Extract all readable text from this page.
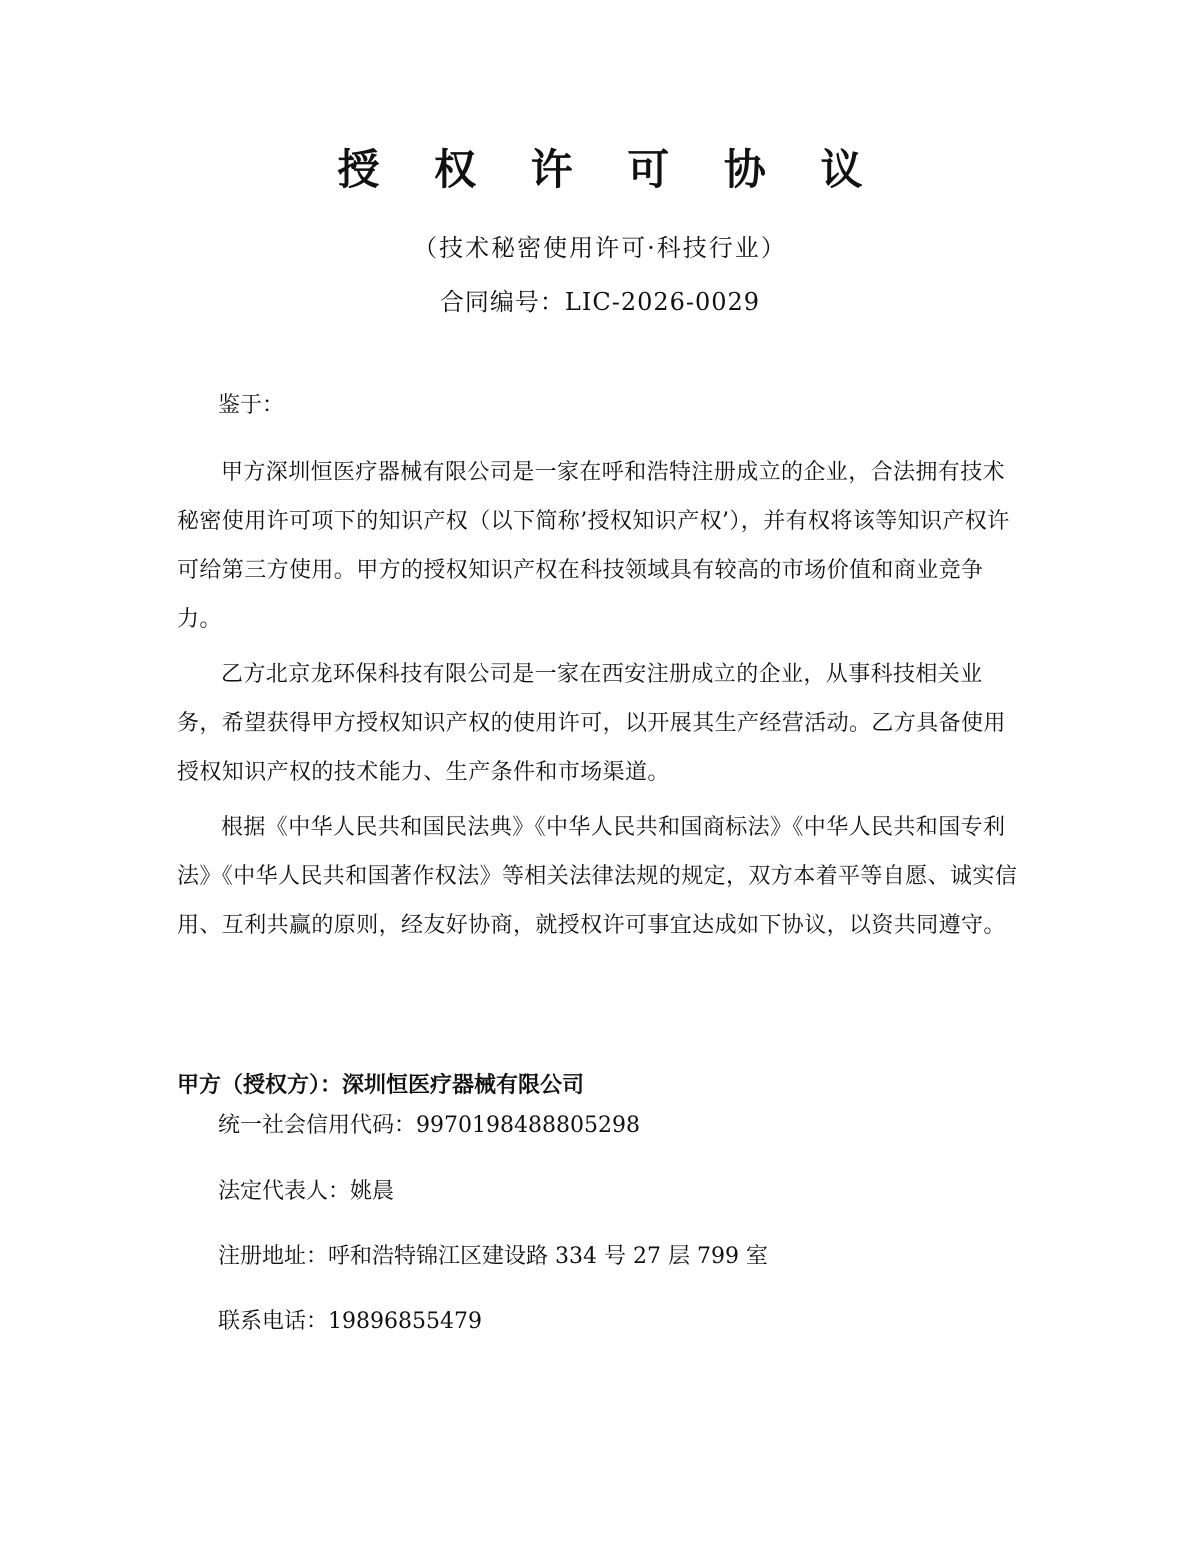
授 权 许 可 协 议
（技术秘密使用许可·科技行业）
合同编号：LIC-2026-0029
鉴于：

甲方深圳恒医疗器械有限公司是一家在呼和浩特注册成立的企业，合法拥有技术秘密使用许可项下的知识产权（以下简称’授权知识产权’），并有权将该等知识产权许可给第三方使用。甲方的授权知识产权在科技领域具有较高的市场价值和商业竞争力。

乙方北京龙环保科技有限公司是一家在西安注册成立的企业，从事科技相关业务，希望获得甲方授权知识产权的使用许可，以开展其生产经营活动。乙方具备使用授权知识产权的技术能力、生产条件和市场渠道。

根据《中华人民共和国民法典》《中华人民共和国商标法》《中华人民共和国专利法》《中华人民共和国著作权法》等相关法律法规的规定，双方本着平等自愿、诚实信用、互利共赢的原则，经友好协商，就授权许可事宜达成如下协议，以资共同遵守。

甲方（授权方）：深圳恒医疗器械有限公司
统一社会信用代码：9970198488805298
法定代表人：姚晨
注册地址：呼和浩特锦江区建设路 334 号 27 层 799 室
联系电话：19896855479
